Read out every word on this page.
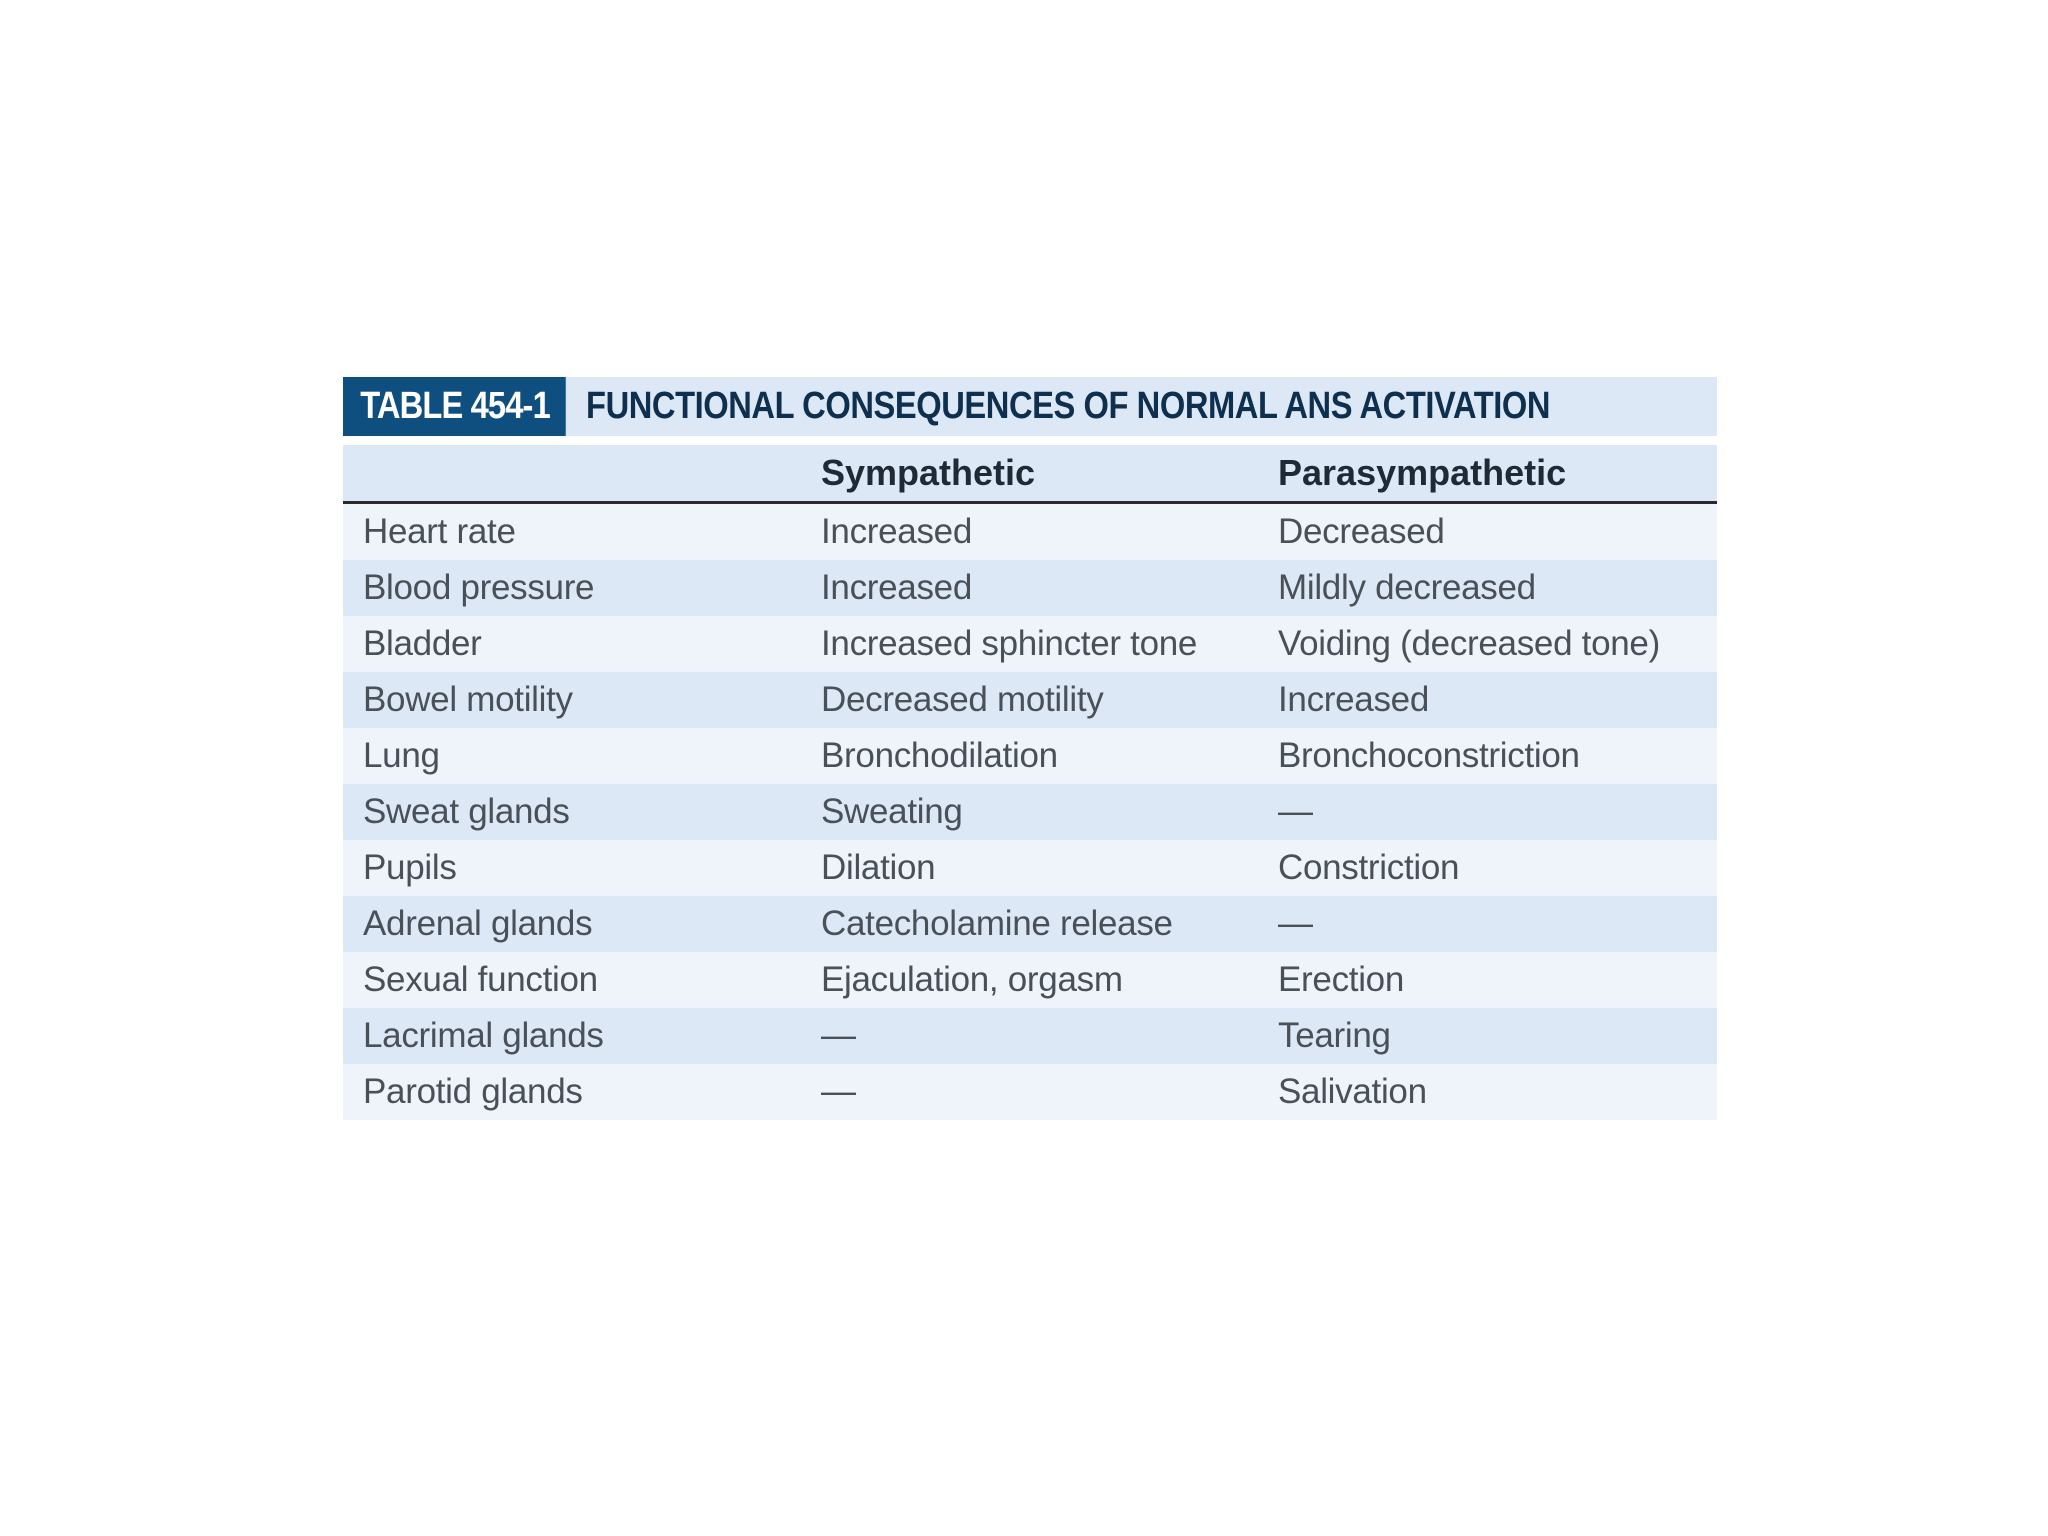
TABLE 454-1 FUNCTIONAL CONSEQUENCES OF NORMAL ANS ACTIVATION
	Sympathetic	Parasympathetic
Heart rate	Increased	Decreased
Blood pressure	Increased	Mildly decreased
Bladder	Increased sphincter tone	Voiding (decreased tone)
Bowel motility	Decreased motility	Increased
Lung	Bronchodilation	Bronchoconstriction
Sweat glands	Sweating	—
Pupils	Dilation	Constriction
Adrenal glands	Catecholamine release	—
Sexual function	Ejaculation, orgasm	Erection
Lacrimal glands	—	Tearing
Parotid glands	—	Salivation
